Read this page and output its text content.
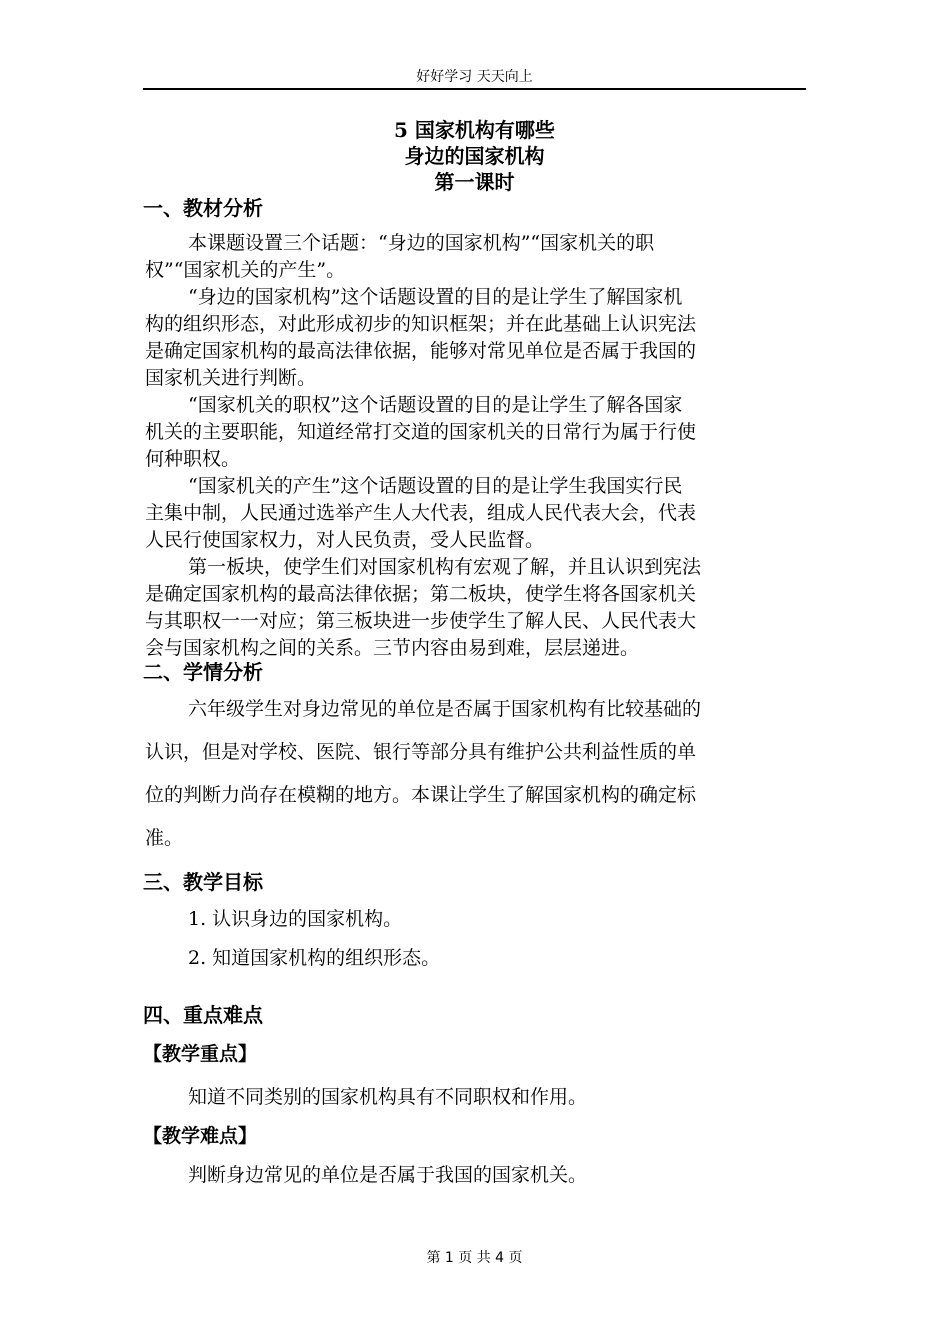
好好学习 天天向上
5 国家机构有哪些
身边的国家机构
第一课时
一、教材分析
本课题设置三个话题：“身边的国家机构”“国家机关的职
权”“国家机关的产生”。
“身边的国家机构”这个话题设置的目的是让学生了解国家机
构的组织形态，对此形成初步的知识框架；并在此基础上认识宪法
是确定国家机构的最高法律依据，能够对常见单位是否属于我国的
国家机关进行判断。
“国家机关的职权”这个话题设置的目的是让学生了解各国家
机关的主要职能，知道经常打交道的国家机关的日常行为属于行使
何种职权。
“国家机关的产生”这个话题设置的目的是让学生我国实行民
主集中制，人民通过选举产生人大代表，组成人民代表大会，代表
人民行使国家权力，对人民负责，受人民监督。
第一板块，使学生们对国家机构有宏观了解，并且认识到宪法
是确定国家机构的最高法律依据；第二板块，使学生将各国家机关
与其职权一一对应；第三板块进一步使学生了解人民、人民代表大
会与国家机构之间的关系。三节内容由易到难，层层递进。
二、学情分析
六年级学生对身边常见的单位是否属于国家机构有比较基础的
认识，但是对学校、医院、银行等部分具有维护公共利益性质的单
位的判断力尚存在模糊的地方。本课让学生了解国家机构的确定标
准。
三、教学目标
1. 认识身边的国家机构。
2. 知道国家机构的组织形态。
四、重点难点
【教学重点】
知道不同类别的国家机构具有不同职权和作用。
【教学难点】
判断身边常见的单位是否属于我国的国家机关。
第 1 页 共 4 页
